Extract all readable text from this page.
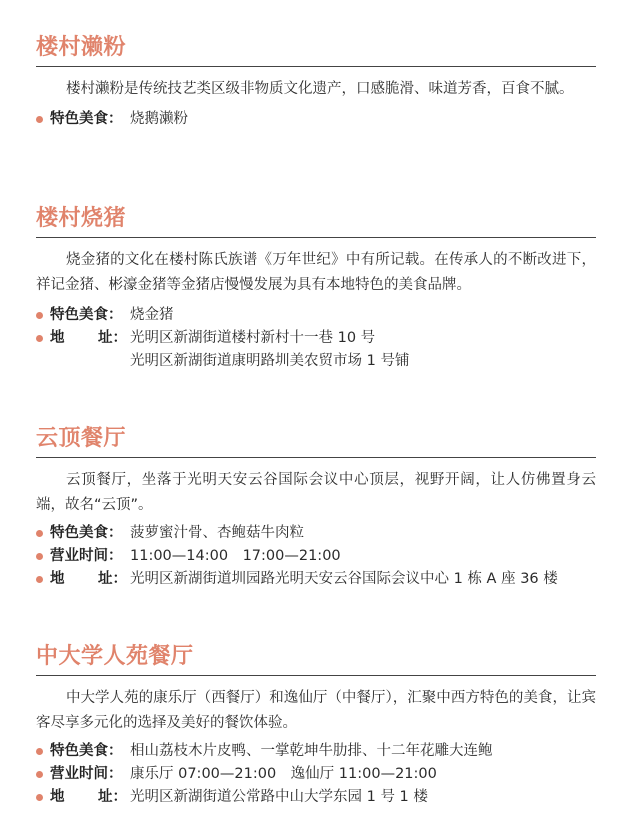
楼村濑粉

楼村濑粉是传统技艺类区级非物质文化遗产，口感脆滑、味道芳香，百食不腻。

特色美食： 烧鹅濑粉
楼村烧猪

烧金猪的文化在楼村陈氏族谱《万年世纪》中有所记载。在传承人的不断改进下，祥记金猪、彬濠金猪等金猪店慢慢发展为具有本地特色的美食品牌。

特色美食： 烧金猪
地 址： 光明区新湖街道楼村新村十一巷 10 号
光明区新湖街道康明路圳美农贸市场 1 号铺
云顶餐厅

云顶餐厅，坐落于光明天安云谷国际会议中心顶层，视野开阔，让人仿佛置身云端，故名“云顶”。

特色美食： 菠萝蜜汁骨、杏鲍菇牛肉粒
营业时间： 11:00—14:00　17:00—21:00
地 址： 光明区新湖街道圳园路光明天安云谷国际会议中心 1 栋 A 座 36 楼
中大学人苑餐厅

中大学人苑的康乐厅（西餐厅）和逸仙厅（中餐厅），汇聚中西方特色的美食，让宾客尽享多元化的选择及美好的餐饮体验。

特色美食： 相山荔枝木片皮鸭、一掌乾坤牛肋排、十二年花雕大连鲍
营业时间： 康乐厅 07:00—21:00　逸仙厅 11:00—21:00
地 址： 光明区新湖街道公常路中山大学东园 1 号 1 楼
